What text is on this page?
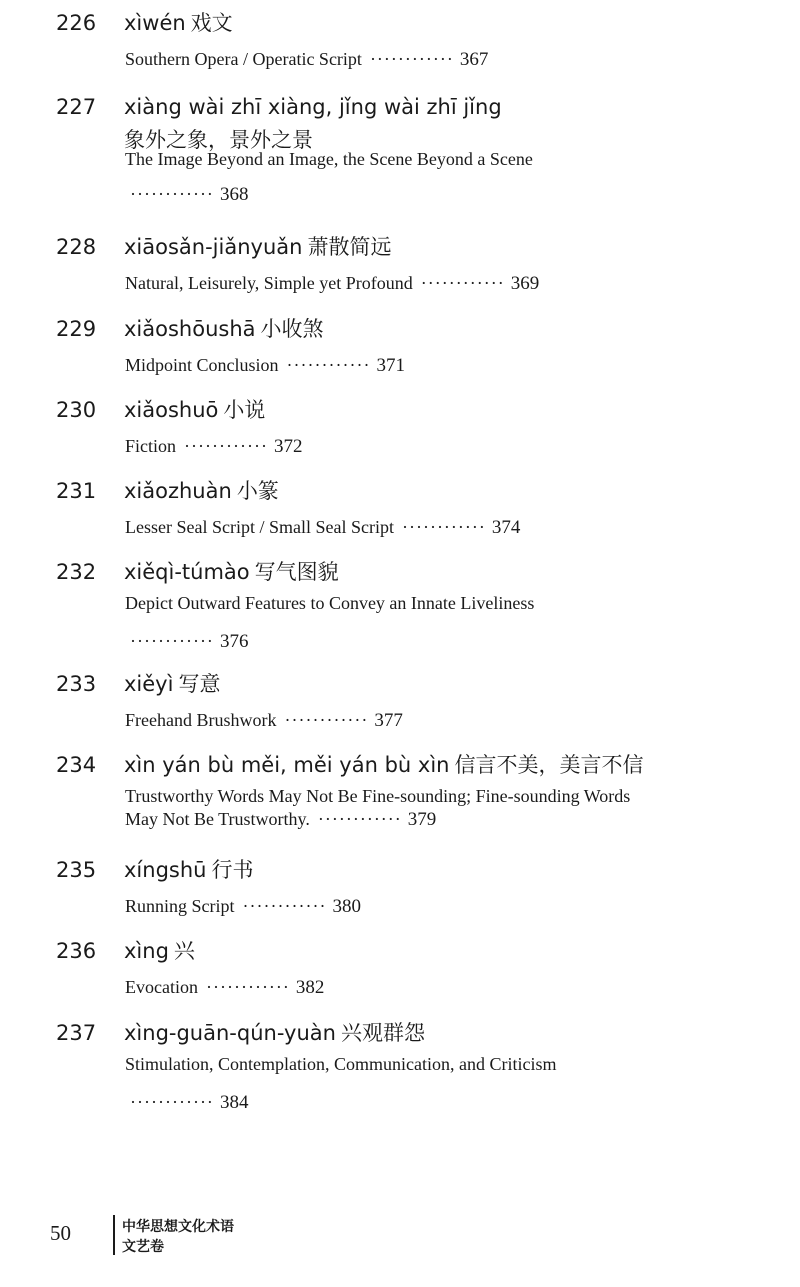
226 xìwén 戏文
Southern Opera / Operatic Script ············ 367
227 xiàng wài zhī xiàng, jǐng wài zhī jǐng
象外之象，景外之景
The Image Beyond an Image, the Scene Beyond a Scene
············ 368
228 xiāosǎn-jiǎnyuǎn 萧散简远
Natural, Leisurely, Simple yet Profound ············ 369
229 xiǎoshōushā 小收煞
Midpoint Conclusion ············ 371
230 xiǎoshuō 小说
Fiction ············ 372
231 xiǎozhuàn 小篆
Lesser Seal Script / Small Seal Script ············ 374
232 xiěqì-túmào 写气图貌
Depict Outward Features to Convey an Innate Liveliness
············ 376
233 xiěyì 写意
Freehand Brushwork ············ 377
234 xìn yán bù měi, měi yán bù xìn 信言不美，美言不信
Trustworthy Words May Not Be Fine-sounding; Fine-sounding Words
May Not Be Trustworthy. ············ 379
235 xíngshū 行书
Running Script ············ 380
236 xìng 兴
Evocation ············ 382
237 xìng-guān-qún-yuàn 兴观群怨
Stimulation, Contemplation, Communication, and Criticism
············ 384
50	中华思想文化术语
文艺卷
